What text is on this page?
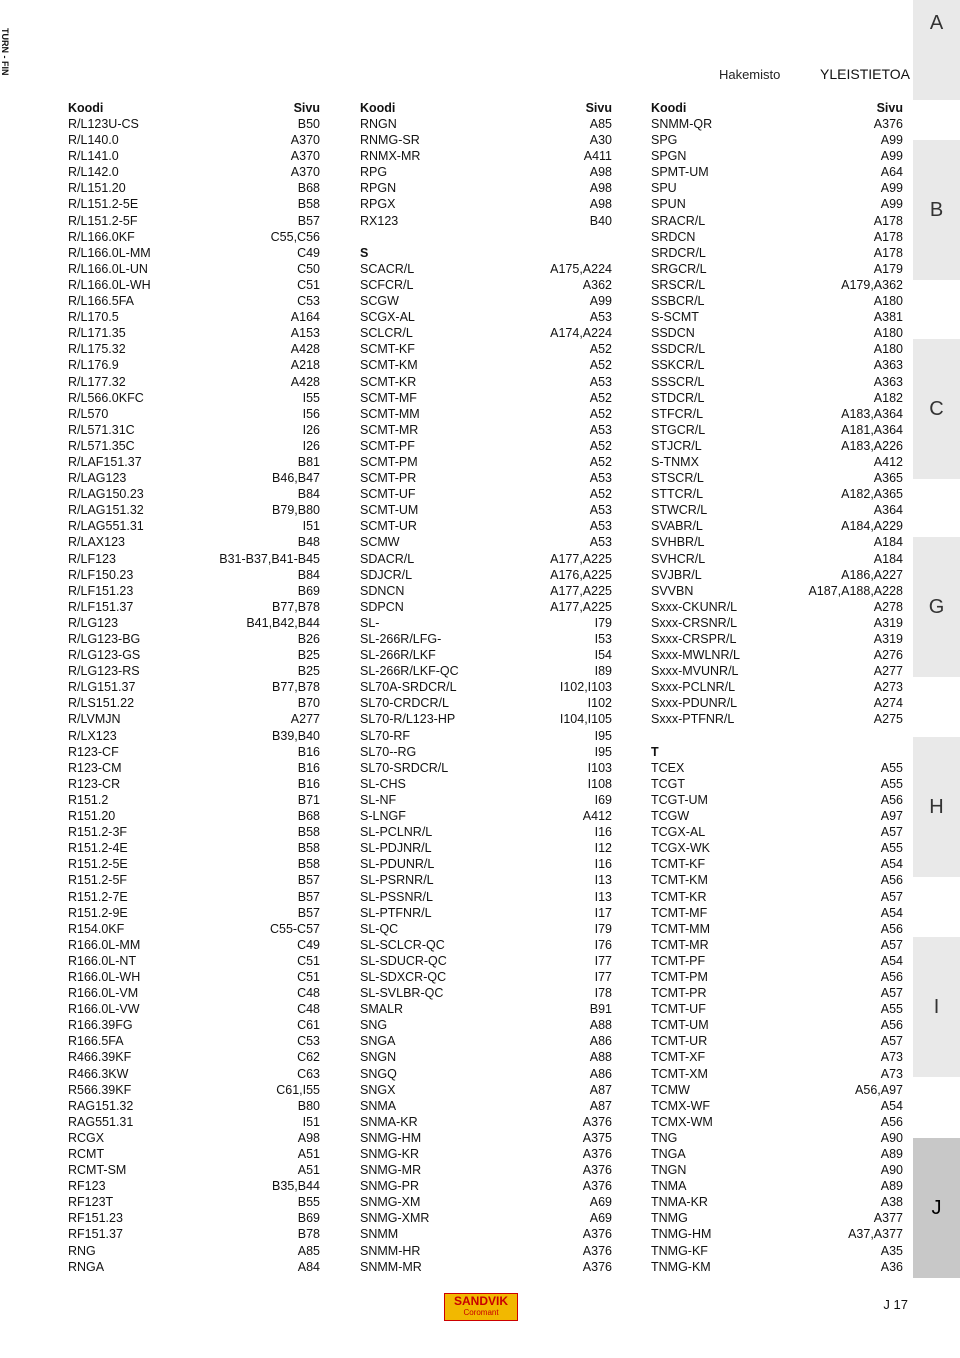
TURN - FIN	Hakemisto	YLEISTIETOA
Koodi	Sivu
R/L123U-CS	B50
R/L140.0	A370
R/L141.0	A370
R/L142.0	A370
R/L151.20	B68
R/L151.2-5E	B58
R/L151.2-5F	B57
R/L166.0KF	C55,C56
R/L166.0L-MM	C49
R/L166.0L-UN	C50
R/L166.0L-WH	C51
R/L166.5FA	C53
R/L170.5	A164
R/L171.35	A153
R/L175.32	A428
R/L176.9	A218
R/L177.32	A428
R/L566.0KFC	I55
R/L570	I56
R/L571.31C	I26
R/L571.35C	I26
R/LAF151.37	B81
R/LAG123	B46,B47
R/LAG150.23	B84
R/LAG151.32	B79,B80
R/LAG551.31	I51
R/LAX123	B48
R/LF123	B31-B37,B41-B45
R/LF150.23	B84
R/LF151.23	B69
R/LF151.37	B77,B78
R/LG123	B41,B42,B44
R/LG123-BG	B26
R/LG123-GS	B25
R/LG123-RS	B25
R/LG151.37	B77,B78
R/LS151.22	B70
R/LVMJN	A277
R/LX123	B39,B40
R123-CF	B16
R123-CM	B16
R123-CR	B16
R151.2	B71
R151.20	B68
R151.2-3F	B58
R151.2-4E	B58
R151.2-5E	B58
R151.2-5F	B57
R151.2-7E	B57
R151.2-9E	B57
R154.0KF	C55-C57
R166.0L-MM	C49
R166.0L-NT	C51
R166.0L-WH	C51
R166.0L-VM	C48
R166.0L-VW	C48
R166.39FG	C61
R166.5FA	C53
R466.39KF	C62
R466.3KW	C63
R566.39KF	C61,I55
RAG151.32	B80
RAG551.31	I51
RCGX	A98
RCMT	A51
RCMT-SM	A51
RF123	B35,B44
RF123T	B55
RF151.23	B69
RF151.37	B78
RNG	A85
RNGA	A84
Koodi	Sivu
RNGN	A85
RNMG-SR	A30
RNMX-MR	A411
RPG	A98
RPGN	A98
RPGX	A98
RX123	B40
S
SCACR/L	A175,A224
SCFCR/L	A362
SCGW	A99
SCGX-AL	A53
SCLCR/L	A174,A224
SCMT-KF	A52
SCMT-KM	A52
SCMT-KR	A53
SCMT-MF	A52
SCMT-MM	A52
SCMT-MR	A53
SCMT-PF	A52
SCMT-PM	A52
SCMT-PR	A53
SCMT-UF	A52
SCMT-UM	A53
SCMT-UR	A53
SCMW	A53
SDACR/L	A177,A225
SDJCR/L	A176,A225
SDNCN	A177,A225
SDPCN	A177,A225
SL-	I79
SL-266R/LFG-	I53
SL-266R/LKF	I54
SL-266R/LKF-QC	I89
SL70A-SRDCR/L	I102,I103
SL70-CRDCR/L	I102
SL70-R/L123-HP	I104,I105
SL70-RF	I95
SL70--RG	I95
SL70-SRDCR/L	I103
SL-CHS	I108
SL-NF	I69
S-LNGF	A412
SL-PCLNR/L	I16
SL-PDJNR/L	I12
SL-PDUNR/L	I16
SL-PSRNR/L	I13
SL-PSSNR/L	I13
SL-PTFNR/L	I17
SL-QC	I79
SL-SCLCR-QC	I76
SL-SDUCR-QC	I77
SL-SDXCR-QC	I77
SL-SVLBR-QC	I78
SMALR	B91
SNG	A88
SNGA	A86
SNGN	A88
SNGQ	A86
SNGX	A87
SNMA	A87
SNMA-KR	A376
SNMG-HM	A375
SNMG-KR	A376
SNMG-MR	A376
SNMG-PR	A376
SNMG-XM	A69
SNMG-XMR	A69
SNMM	A376
SNMM-HR	A376
SNMM-MR	A376
Koodi	Sivu
SNMM-QR	A376
SPG	A99
SPGN	A99
SPMT-UM	A64
SPU	A99
SPUN	A99
SRACR/L	A178
SRDCN	A178
SRDCR/L	A178
SRGCR/L	A179
SRSCR/L	A179,A362
SSBCR/L	A180
S-SCMT	A381
SSDCN	A180
SSDCR/L	A180
SSKCR/L	A363
SSSCR/L	A363
STDCR/L	A182
STFCR/L	A183,A364
STGCR/L	A181,A364
STJCR/L	A183,A226
S-TNMX	A412
STSCR/L	A365
STTCR/L	A182,A365
STWCR/L	A364
SVABR/L	A184,A229
SVHBR/L	A184
SVHCR/L	A184
SVJBR/L	A186,A227
SVVBN	A187,A188,A228
Sxxx-CKUNR/L	A278
Sxxx-CRSNR/L	A319
Sxxx-CRSPR/L	A319
Sxxx-MWLNR/L	A276
Sxxx-MVUNR/L	A277
Sxxx-PCLNR/L	A273
Sxxx-PDUNR/L	A274
Sxxx-PTFNR/L	A275
T
TCEX	A55
TCGT	A55
TCGT-UM	A56
TCGW	A97
TCGX-AL	A57
TCGX-WK	A55
TCMT-KF	A54
TCMT-KM	A56
TCMT-KR	A57
TCMT-MF	A54
TCMT-MM	A56
TCMT-MR	A57
TCMT-PF	A54
TCMT-PM	A56
TCMT-PR	A57
TCMT-UF	A55
TCMT-UM	A56
TCMT-UR	A57
TCMT-XF	A73
TCMT-XM	A73
TCMW	A56,A97
TCMX-WF	A54
TCMX-WM	A56
TNG	A90
TNGA	A89
TNGN	A90
TNMA	A89
TNMA-KR	A38
TNMG	A377
TNMG-HM	A37,A377
TNMG-KF	A35
TNMG-KM	A36
A
B
C
G
H
I
J
SANDVIK
Coromant
J 17
